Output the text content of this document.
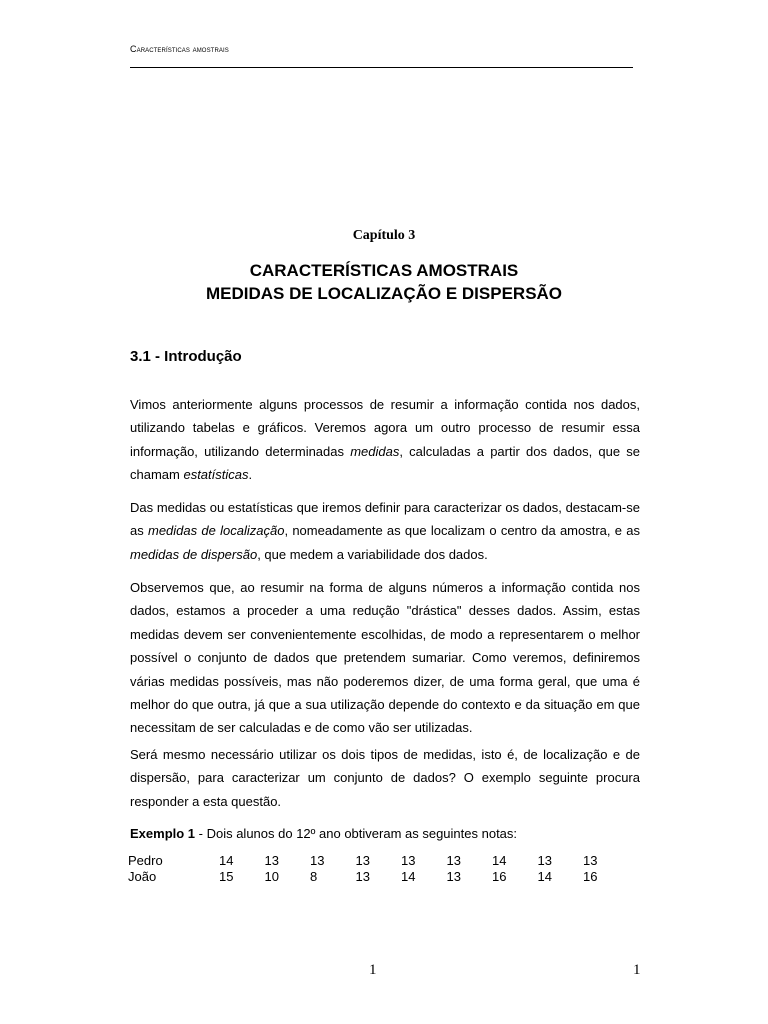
Características amostrais
Capítulo 3
CARACTERÍSTICAS AMOSTRAIS
MEDIDAS DE LOCALIZAÇÃO E DISPERSÃO
3.1 - Introdução

Vimos anteriormente alguns processos de resumir a informação contida nos dados, utilizando tabelas e gráficos. Veremos agora um outro processo de resumir essa informação, utilizando determinadas medidas, calculadas a partir dos dados, que se chamam estatísticas.

Das medidas ou estatísticas que iremos definir para caracterizar os dados, destacam-se as medidas de localização, nomeadamente as que localizam o centro da amostra, e as medidas de dispersão, que medem a variabilidade dos dados.

Observemos que, ao resumir na forma de alguns números a informação contida nos dados, estamos a proceder a uma redução "drástica" desses dados. Assim, estas medidas devem ser convenientemente escolhidas, de modo a representarem o melhor possível o conjunto de dados que pretendem sumariar. Como veremos, definiremos várias medidas possíveis, mas não poderemos dizer, de uma forma geral, que uma é melhor do que outra, já que a sua utilização depende do contexto e da situação em que necessitam de ser calculadas e de como vão ser utilizadas.

Será mesmo necessário utilizar os dois tipos de medidas, isto é, de localização e de dispersão, para caracterizar um conjunto de dados? O exemplo seguinte procura responder a esta questão.

Exemplo 1 - Dois alunos do 12º ano obtiveram as seguintes notas:
Pedro	14	13	13	13	13	13	14	13	13
João	15	10	8	13	14	13	16	14	16
1	1
